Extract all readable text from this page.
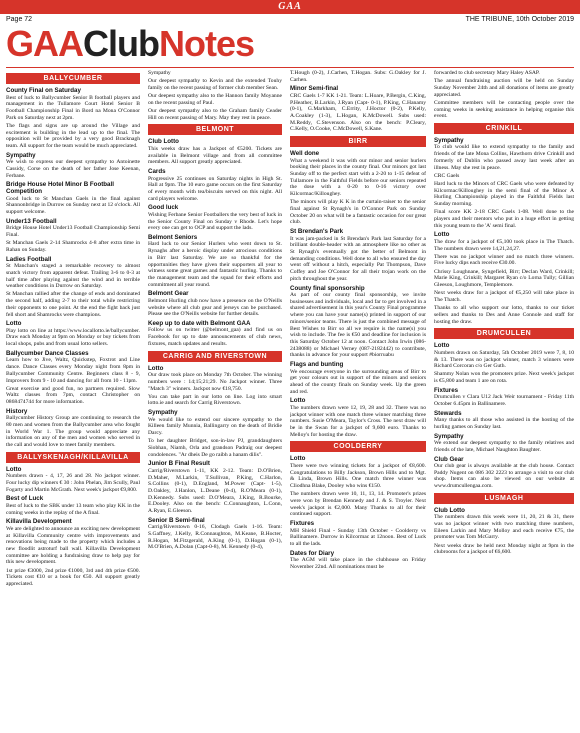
GAA
Page 72	THE TRIBUNE, 10th October 2019
GAAClubNotes
BALLYCUMBER
County Final on Saturday

Best of luck to Ballycumber Senior B football players and management in the Tullamore Court Hotel Senior B Football Championship Final in Bord na Mona O'Connor Park on Saturday next at 2pm.

The flags and signs are up around the Village and excitement is building in the lead up to the final. The opposition will be provided by a very good Bracknagh team. All support for the team would be much appreciated.

Sympathy

We wish to express our deepest sympathy to Antoinette Cassidy, Corse on the death of her father Jose Keenan, Ferbane.

Bridge House Hotel Minor B Football Competition

Good luck to St Manchan Gaels in the final against Shannonbridge in Durrow on Sunday next at 12 o'clock. All support welcome.

Under13 Football

Bridge House Hotel Under13 Football Championship Semi Final.

St Manchan Gaels 2-14 Shamrocks 4-8 after extra time in Rahan on Sunday.

Ladies Football

St Manchan's staged a remarkable recovery to almost snatch victory from apparent defeat. Trailing 3-6 to 0-3 at half time after playing against the wind and in terrible weather conditions in Durrow on Saturday.

St Manchan rallied after the change of ends and dominated the second half, adding 2-7 to their total while restricting their opponents to one point. At the end the fight back just fell short and Shamrocks were champions.

Lotto

Play lotto on line at https://www.locallotto.ie/ballycumber. Draw each Monday at 9pm on Monday or buy tickets from local shops, pubs and from usual lotto sellers.

Ballycumber Dance Classes

Learn how to Jive, Waltz, Quickstep, Foxtrot and Line dance. Dance Classes every Monday night from 8pm in Ballycumber Community Centre. Beginners class 8 - 9, Improvers from 9 - 10 and dancing for all from 10 - 11pm.

Great exercise and good fun, no partners required. Slow Waltz classes from 7pm, contact Christopher on 0868474744 for more information.

History

Ballycumber History Group are continuing to research the 80 men and women from the Ballycumber area who fought in World War 1. The group would appreciate any information on any of the men and women who served in the call and would love to meet family members.

BALLYSKENAGH/KILLAVILLA
Lotto

Numbers drawn - 4, 17, 26 and 28. No jackpot winner. Four lucky dip winners € 30 : John Phelan, Jim Scully, Paul Fogarty and Martin McGrath. Next week's jackpot €9,800.

Best of Luck

Best of luck to the SBK under 13 team who play KK in the coming weeks in the replay of the A final.

Killavilla Development

We are delighted to announce an exciting new development at Killavilla Community centre with improvements and renovations being made to the property which includes a new floodlit astroturf ball wall. Killavilla Development committee are holding a fundraising draw to help pay for this new development.

1st prize €3000, 2nd prize €1000, 3rd and 4th prize €500. Tickets cost €10 or a book for €50. All support greatly appreciated.

Sympathy

Our deepest sympathy to Kevin and the extended Touhy family on the recent passing of former club member Sean.

Our deepest sympathy also to the Hannon family Moyanne on the recent passing of Paul.

Our deepest sympathy also to the Graham family Ceader Hill on recent passing of Mary. May they rest in peace.

BELMONT
Club Lotto

This weeks draw has a Jackpot of €5200. Tickets are available in Belmont village and from all committee members. All support greatly appreciated.

Cards

Progressive 25 continues on Saturday nights in High St. Hall at 9pm. The 10 euro game occurs on the first Saturday of every month with tea/biscuits served on this night. All card players welcome.

Good luck

Wishing Ferbane Senior Footballers the very best of luck in the Senior County Final on Sunday v Rhode. Let's hope every one can get to OCP and support the lads.

Belmont Seniors

Hard luck to our Senior Hurlers who went down to St. Rynaghs after a heroic display under atrocious conditions in Birr last Saturday. We are so thankful for the opportunities they have given their supporters all year to witness some great games and fantastic hurling. Thanks to the management team and the squad for their efforts and commitment all year round.

Belmont Gear

Belmont Hurling club now have a presence on the O'Neills website where all club gear and jerseys can be purchased. Please see the O'Neills website for further details.

Keep up to date with Belmont GAA

Follow us on twitter (@belmont_gaa) and find us on Facebook for up to date announcements of club news, fixtures, match updates and results.

CARRIG AND RIVERSTOWN
Lotto

Our draw took place on Monday 7th October. The winning numbers were : 14;15;21;29. No Jackpot winner. Three "Match 3" winners. Jackpot now €18,750.

You can take part in our lotto on line. Log into smart lotto.ie and search for Carrig Riverstown.

Sympathy

We would like to extend our sincere sympathy to the Killeen family Munnia, Ballingarry on the death of Bridie Darcy.

To her daughter Bridget, son-in-law PJ, granddaughters Siobhan, Niamh, Orla and grandson Padraig our deepest condolences. "Ar dheis De go raibh a hanam dilis".

Junior B Final Result

Carrig/Riverstown 1-11, KK 2-12. Team: D.O'Brien, D.Maher, M.Larkin, T.Sullivan, P.King, C.Harlon, S.Collins (0-1), D.England, M.Power (Capt- 1-5), D.Oakley, J.Hanlon, L.Deane (0-4), R.O'Meara (0-1), D.Kennedy. Subs used: D.O'Meara, J.King, R.Bourke, E.Dooley. Also on the bench: C.Connaughton, L.Conn, A.Ryan, E.Gleeson.

Senior B Semi-final

Carrig/Riverstown 0-16, Clodagh Gaels 1-16. Team: S.Gaffney, J.Kelly, R.Connaughton, M.Keane, B.Hocter, R.Hogan, M.Fitzgerald, A.King (0-1), D.Hogan (0-1), M.O'Brien, A.Dolan (Capt-0-8), M. Kennedy (0-4),

T.Hough (0-2), J.Carhen, T.Hogan. Subs: G.Oakley for J. Carhen.

Minor Semi-final

CRC Gaels 1-7 KK 1-21. Team: L.Hoare, P.Bergin, C.King, P.Heather, B.Larkin, J.Ryan (Capt- 0-1), P.King, C.Hanamy (0-1), G.Markham, C.Errity, J.Hoctor (0-2), P.Kelly, A.Coakley (1-3), L.Hogan, K.McDowell. Subs used: M.Reddy, C.Stevenson. Also on the bench: P.Cleary, C.Kelly, O.Cooke, C.McDowell, S.Kane.

BIRR
Well done

What a weekend it was with our minor and senior hurlers booking their places in the county final. Our minors got last Sunday off to the perfect start with a 2-20 to 1-15 defeat of Tullamore in the Faithful Fields before our seniors repeated the dose with a 0-20 to 0-16 victory over Kilcormac/Killoughey.

The minors will play K K in the curtain-raiser to the senior final against St Rynagh's in O'Connor Park on Sunday October 20 on what will be a fantastic occasion for our great club.

St Brendan's Park

It was jam-packed in St Brendan's Park last Saturday for a brilliant double-header with an atmosphere like no other as St Rynagh's eventually got the better of Belmont in demanding conditions. Well done to all who ensured the day went off without a hitch, especially Pat Thompson, Dave Coffey and Joe O'Connor for all their trojan work on the pitch throughout the year.

County final sponsorship

As part of our county final sponsorship, we invite businesses and individuals, local and far to get involved in a shared advertisement in this year's County Final programme where you can have your name(s) printed in support of our minors/senior teams. There is just the combined message of Best Wishes to Birr so all we require is the name(s) you wish to include. The fee is €50 and deadline for inclusion is this Saturday October 12 at noon. Contact John Irwin (086-2438088) or Michael Verney (087-2182442) to contribute, thanks in advance for your support #biorruabu

Flags and bunting

We encourage everyone in the surrounding areas of Birr to get your colours out in support of the minors and seniors ahead of the county finals on Sunday week. Up the green and red.

Lotto

The numbers drawn were 12, 19, 28 and 32. There was no jackpot winner with one match three winner matching three numbers. Susie O'Meara, Taylor's Cross. The next draw will be in the Swan for a jackpot of 9,600 euro. Thanks to Melloy's for hosting the draw.

COOLDERRY
Lotto

There were two winning tickets for a jackpot of €8,600. Congratulations to Billy Jackson, Brown Hills and to Mgt. & Linda, Brown Hills. One match three winner was Cliodhna Blake, Dooley who wins €150.

The numbers drawn were 10, 11, 13, 14. Promoter's prizes were won by Brendan Kennedy and J. & S. Troyler. Next week's jackpot is €2,000. Many Thanks to all for their continued support.

Fixtures

MH Shield Final - Sunday 13th October - Coolderry vs Ballinamere. Durrow in Kilcormac at 12noon. Best of Luck to all the lads.

Dates for Diary

The AGM will take place in the clubhouse on Friday November 22nd. All nominations must be

forwarded to club secretary Mary Haley ASAP.

The annual fundraising auction will be held on Sunday Sunday November 24th and all donations of items are greatly appreciated.

Committee members will be contacting people over the coming weeks in seeking assistance in helping organise this event.

CRINKILL
Sympathy

To club would like to extend sympathy to the family and friends of the late Mona Collins, Hawthorn drive Crinkill and formerly of Dublin who passed away last week after an illness. May she rest in peace.

CRC Gaels

Hard luck to the Minors of CRC Gaels who were defeated by Kilcormac/Killoughey in the semi final of the Minor A Hurling Championship played in the Faithful Fields last Sunday morning.

Final score KK 2-18 CRC Gaels 1-08. Well done to the players and their mentors who put in a huge effort in getting this young team to the 'A' semi final.

Lotto

The draw for a jackpot of €5,100 took place in The Thatch. The numbers drawn were 14,21,24,27.

There was no jackpot winner and no match three winners. Five lucky dips each receive €30.00.

Chrissy Loughnane, Syngefield, Birr; Declan Ward, Crinkill; Marie King, Crinkill; Margaret Ryan c/o Lorna Tully; Gillian Gleeson, Loughmore, Templemore.

Next weeks draw for a jackpot of €5,250 will take place in The Thatch.

Thanks to all who support our lotto, thanks to our ticket sellers and thanks to Des and Anne Connole and staff for hosting the draw.

DRUMCULLEN
Lotto

Numbers drawn on Saturday, 5th October 2019 were 7, 8, 10 & 13. There was no jackpot winner, match 3 winners were Richard Corcoran c/o Ger Guth.

Shammy Nolan won the promoters prize. Next week's jackpot is €5,800 and team 1 are on rota.

Fixtures

Drumcullen v Clara U12 Jack Weir tournament - Friday 11th October 6.45pm in Ballinamere.

Stewards

Many thanks to all those who assisted in the hosting of the hurling games on Sunday last.

Sympathy

We extend our deepest sympathy to the family relatives and friends of the late, Michael Naughton Baughter.

Club Gear

Our club gear is always available at the club house. Contact Paddy Nugent on 086 302 2223 to arrange a visit to our club shop. Items can also be viewed on our website at www.drumcullengaa.com.

LUSMAGH
Club Lotto

The numbers drawn this week were 11, 20, 21 & 31, there was no jackpot winner with two matching three numbers, Eileen Larkin and Mary Molloy and each receive €75, the promoter was Tom McGarry.

Next weeks draw be held next Monday night at 9pm in the clubrooms for a jackpot of €6,600.
